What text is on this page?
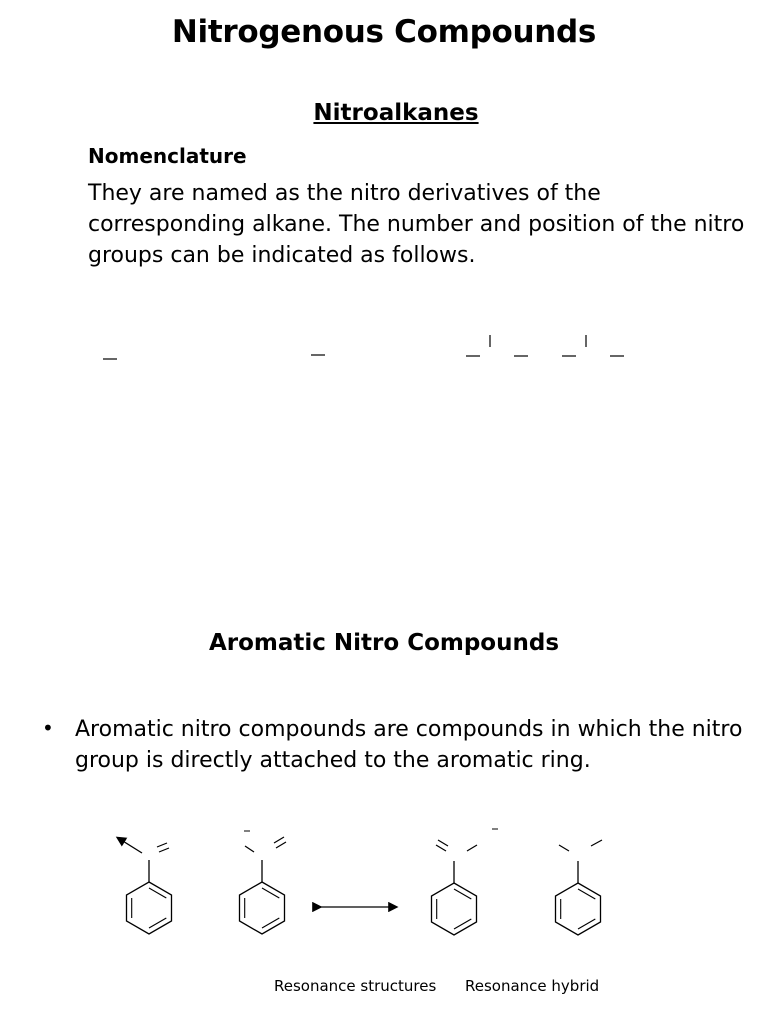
Nitrogenous Compounds
Nitroalkanes
Nomenclature
They are named as the nitro derivatives of the corresponding alkane. The number and position of the nitro groups can be indicated as follows.
Aromatic Nitro Compounds
• Aromatic nitro compounds are compounds in which the nitro group is directly attached to the aromatic ring.
Resonance structures Resonance hybrid
